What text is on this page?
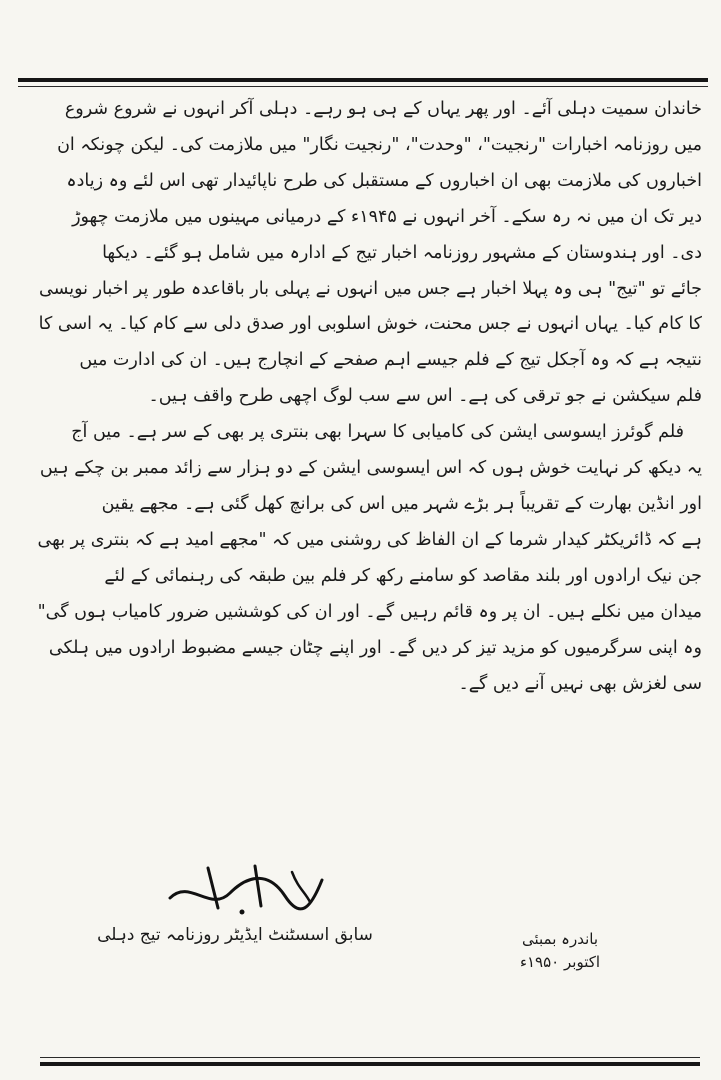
خاندان سمیت دہلی آئے۔ اور پھر یہاں کے ہی ہو رہے۔ دہلی آکر انہوں نے شروع شروع
میں روزنامہ اخبارات "رنجیت"، "وحدت"، "رنجیت نگار" میں ملازمت کی۔ لیکن چونکہ ان
اخباروں کی ملازمت بھی ان اخباروں کے مستقبل کی طرح ناپائیدار تھی اس لئے وہ زیادہ
دیر تک ان میں نہ رہ سکے۔ آخر انہوں نے ۱۹۴۵ء کے درمیانی مہینوں میں ملازمت چھوڑ
دی۔ اور ہندوستان کے مشہور روزنامہ اخبار تیج کے ادارہ میں شامل ہو گئے۔ دیکھا
جائے تو "تیج" ہی وہ پہلا اخبار ہے جس میں انہوں نے پہلی بار باقاعدہ طور پر اخبار نویسی
کا کام کیا۔ یہاں انہوں نے جس محنت، خوش اسلوبی اور صدق دلی سے کام کیا۔ یہ اسی کا
نتیجہ ہے کہ وہ آجکل تیج کے فلم جیسے اہم صفحے کے انچارج ہیں۔ ان کی ادارت میں
فلم سیکشن نے جو ترقی کی ہے۔ اس سے سب لوگ اچھی طرح واقف ہیں۔
فلم گوئرز ایسوسی ایشن کی کامیابی کا سہرا بھی بنتری پر بھی کے سر ہے۔ میں آج
یہ دیکھ کر نہایت خوش ہوں کہ اس ایسوسی ایشن کے دو ہزار سے زائد ممبر بن چکے ہیں
اور انڈین بھارت کے تقریباً ہر بڑے شہر میں اس کی برانچ کھل گئی ہے۔ مجھے یقین
ہے کہ ڈائریکٹر کیدار شرما کے ان الفاظ کی روشنی میں کہ "مجھے امید ہے کہ بنتری پر بھی
جن نیک ارادوں اور بلند مقاصد کو سامنے رکھ کر فلم بین طبقہ کی رہنمائی کے لئے
میدان میں نکلے ہیں۔ ان پر وہ قائم رہیں گے۔ اور ان کی کوششیں ضرور کامیاب ہوں گی"
وہ اپنی سرگرمیوں کو مزید تیز کر دیں گے۔ اور اپنے چٹان جیسے مضبوط ارادوں میں ہلکی
سی لغزش بھی نہیں آنے دیں گے۔
سابق اسسٹنٹ ایڈیٹر روزنامہ تیج دہلی	باندرہ بمبئی
اکتوبر ۱۹۵۰ء
